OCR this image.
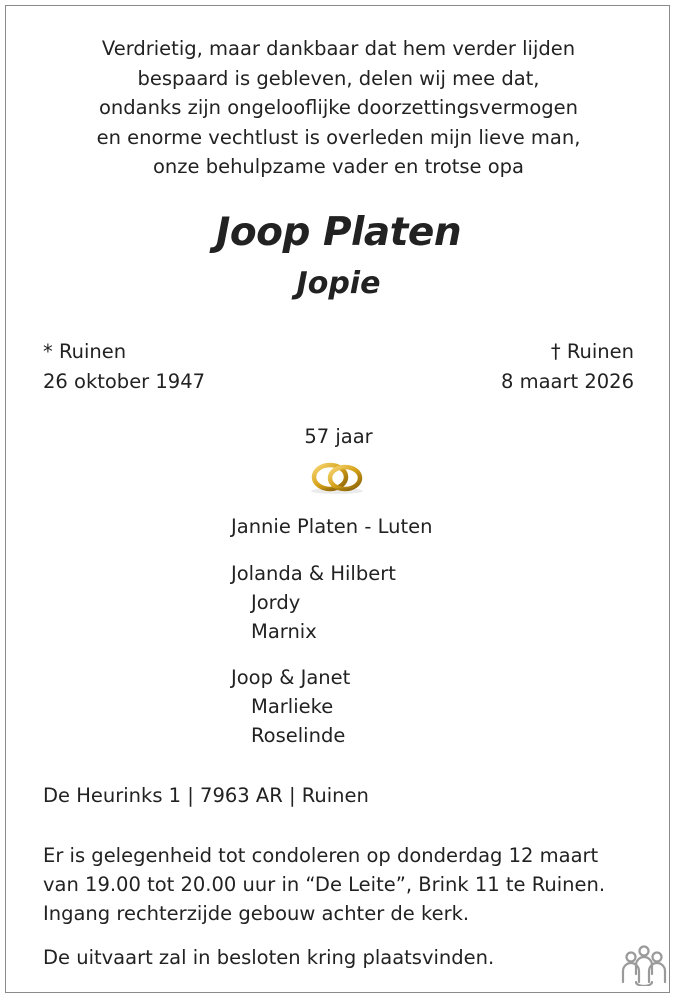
Verdrietig, maar dankbaar dat hem verder lijden
bespaard is gebleven, delen wij mee dat,
ondanks zijn ongelooflijke doorzettingsvermogen
en enorme vechtlust is overleden mijn lieve man,
onze behulpzame vader en trotse opa
Joop Platen
Jopie
* Ruinen
26 oktober 1947
† Ruinen
8 maart 2026
57 jaar
Jannie Platen - Luten
Jolanda & Hilbert
Jordy
Marnix
Joop & Janet
Marlieke
Roselinde
De Heurinks 1 | 7963 AR | Ruinen
Er is gelegenheid tot condoleren op donderdag 12 maart
van 19.00 tot 20.00 uur in “De Leite”, Brink 11 te Ruinen.
Ingang rechterzijde gebouw achter de kerk.
De uitvaart zal in besloten kring plaatsvinden.
